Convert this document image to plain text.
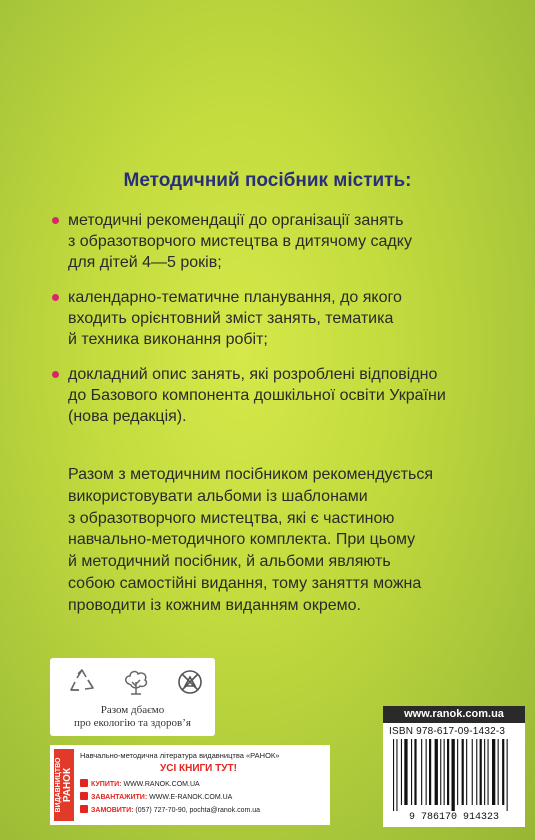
Методичний посібник містить:
методичні рекомендації до організації занять
з образотворчого мистецтва в дитячому садку
для дітей 4—5 років;
календарно-тематичне планування, до якого
входить орієнтовний зміст занять, тематика
й техника виконання робіт;
докладний опис занять, які розроблені відповідно
до Базового компонента дошкільної освіти України
(нова редакція).
Разом з методичним посібником рекомендується
використовувати альбоми із шаблонами
з образотворчого мистецтва, які є частиною
навчально-методичного комплекта. При цьому
й методичний посібник, й альбоми являють
собою самостійні видання, тому заняття можна
проводити із кожним виданням окремо.
Разом дбаємо
про екологію та здоров’я
www.ranok.com.ua
ISBN 978-617-09-1432-3
9 786170 914323
ВИДАВНИЦТВО РАНОК
Навчально-методична література видавництва «РАНОК»
УСІ КНИГИ ТУТ!
КУПИТИ: WWW.RANOK.COM.UA
ЗАВАНТАЖИТИ: WWW.E-RANOK.COM.UA
ЗАМОВИТИ: (057) 727-70-90, pochta@ranok.com.ua
